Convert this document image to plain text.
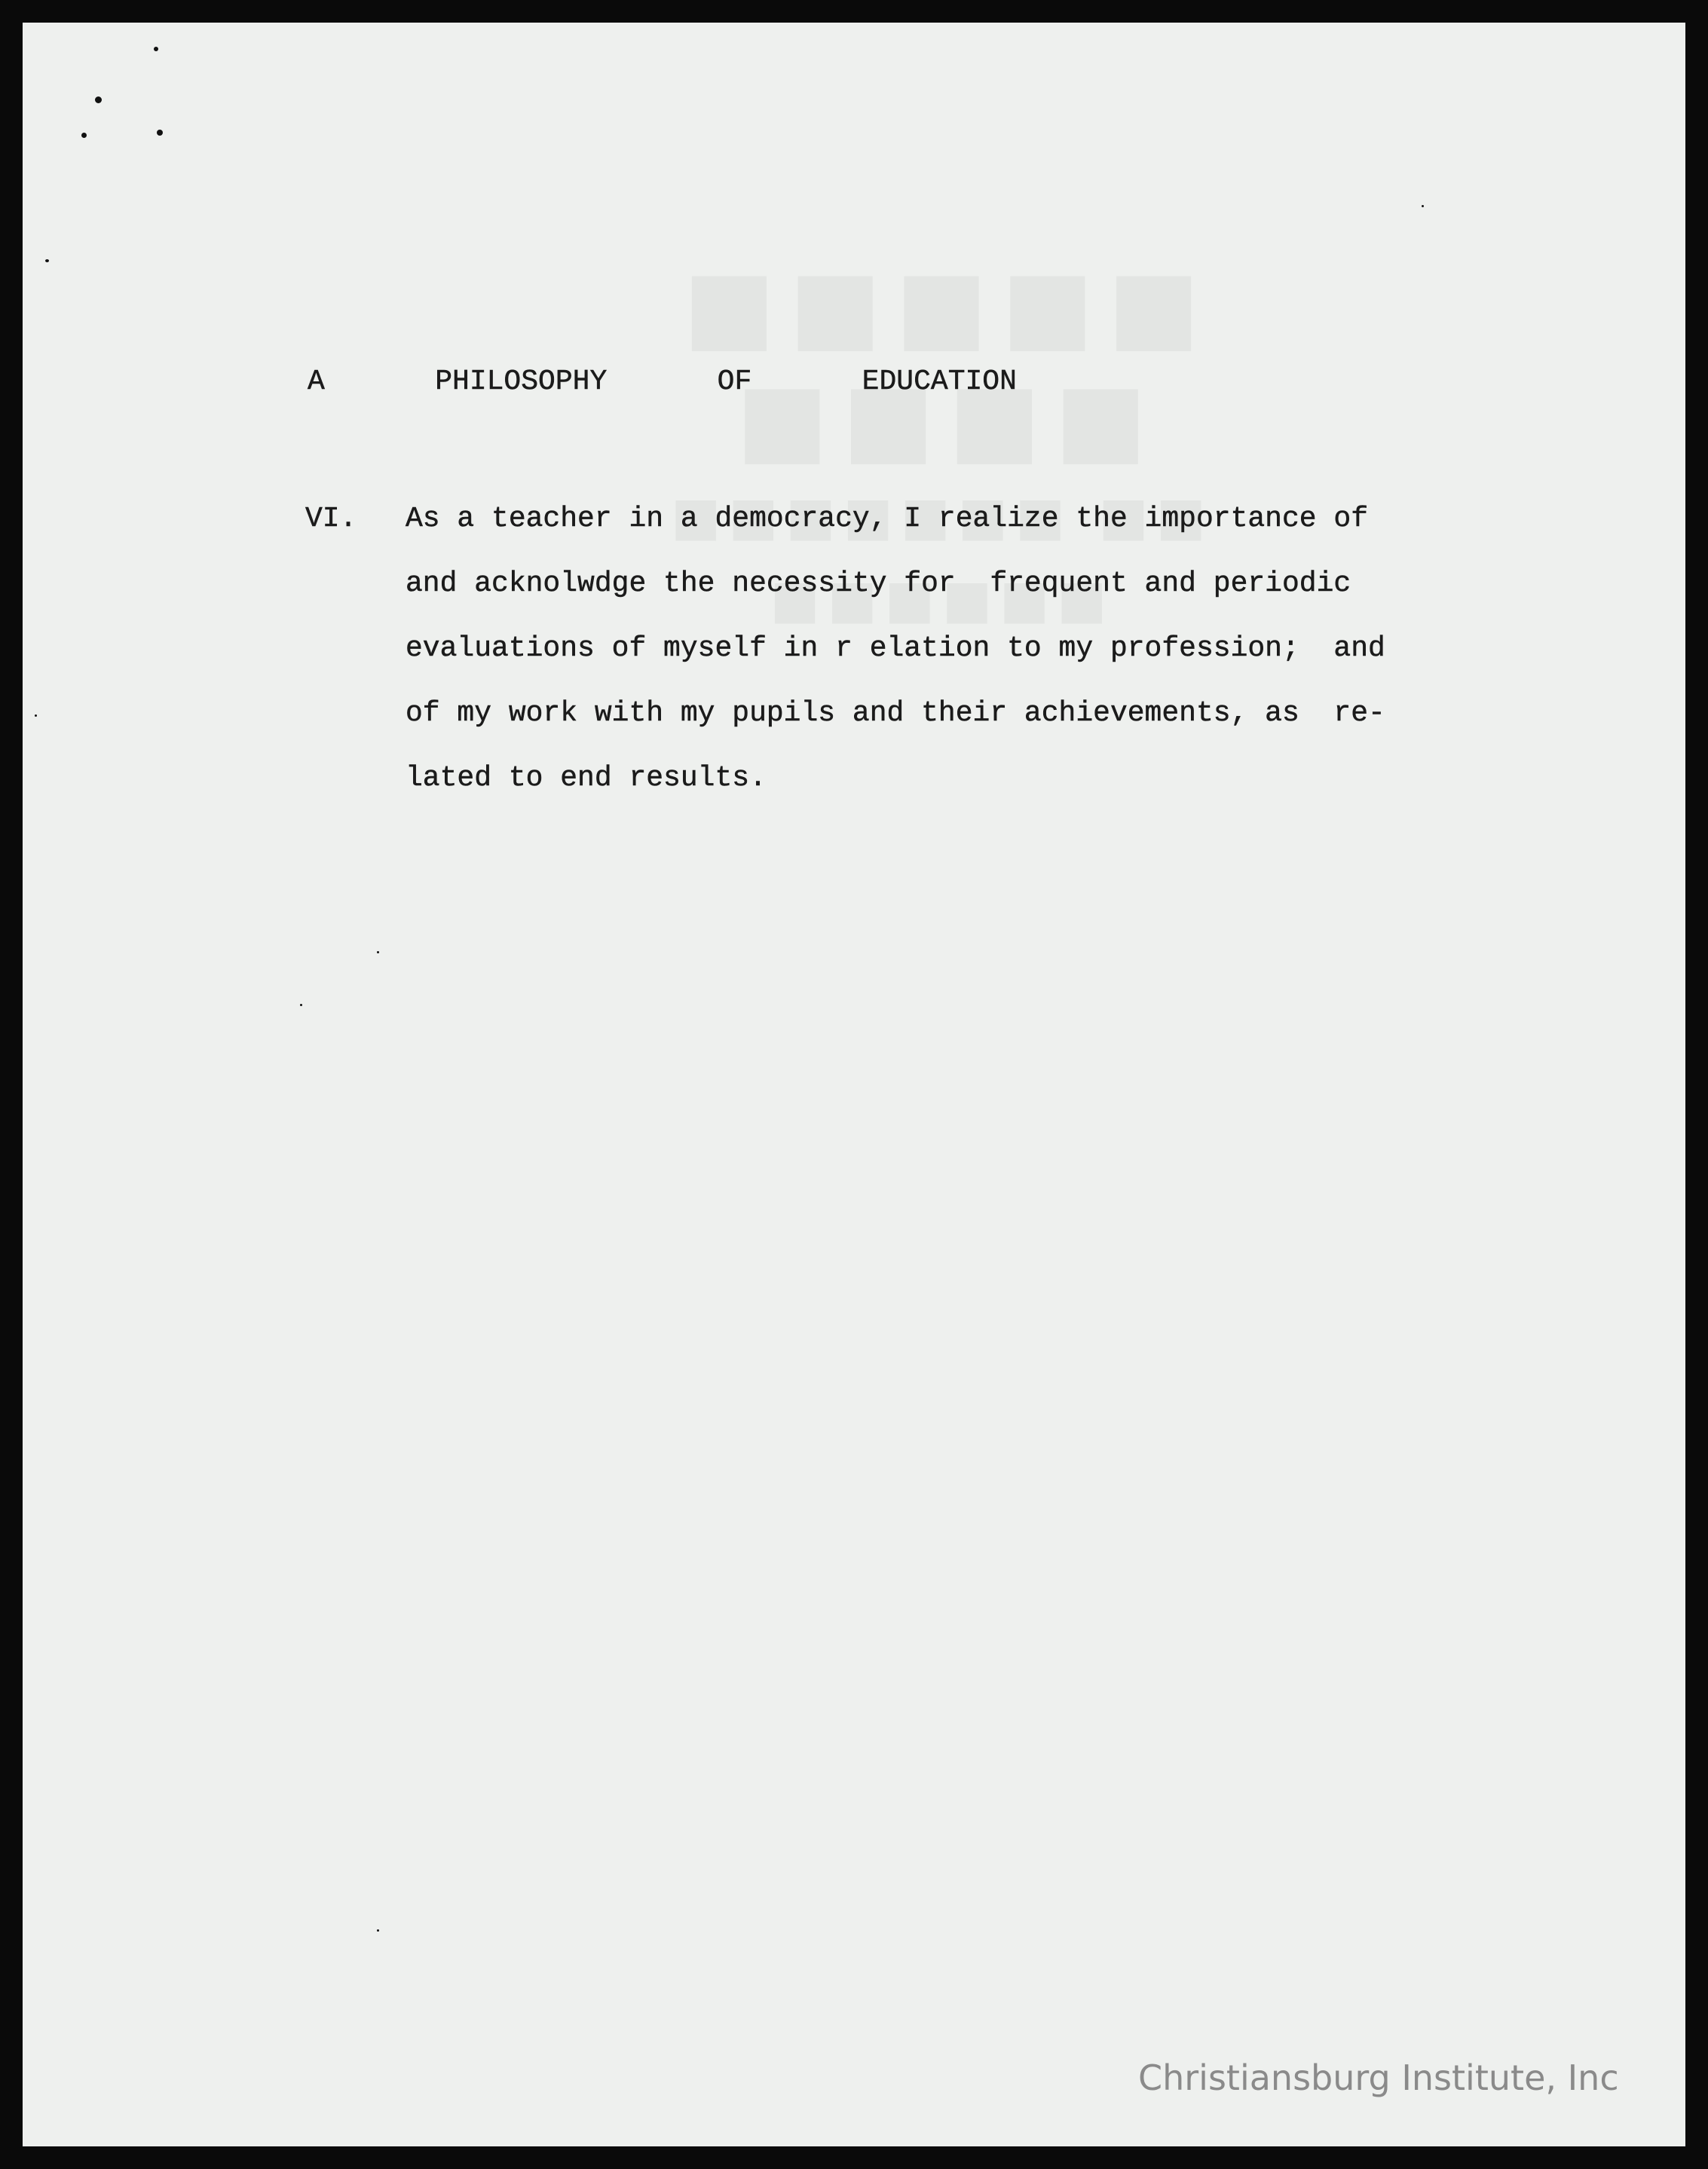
A   PHILOSOPHY   OF   EDUCATION
VI. As a teacher in a democracy, I realize the importance of
and acknolwdge the necessity for  frequent and periodic
evaluations of myself in r elation to my profession;  and
of my work with my pupils and their achievements, as  re-
lated to end results.
Christiansburg Institute, Inc
